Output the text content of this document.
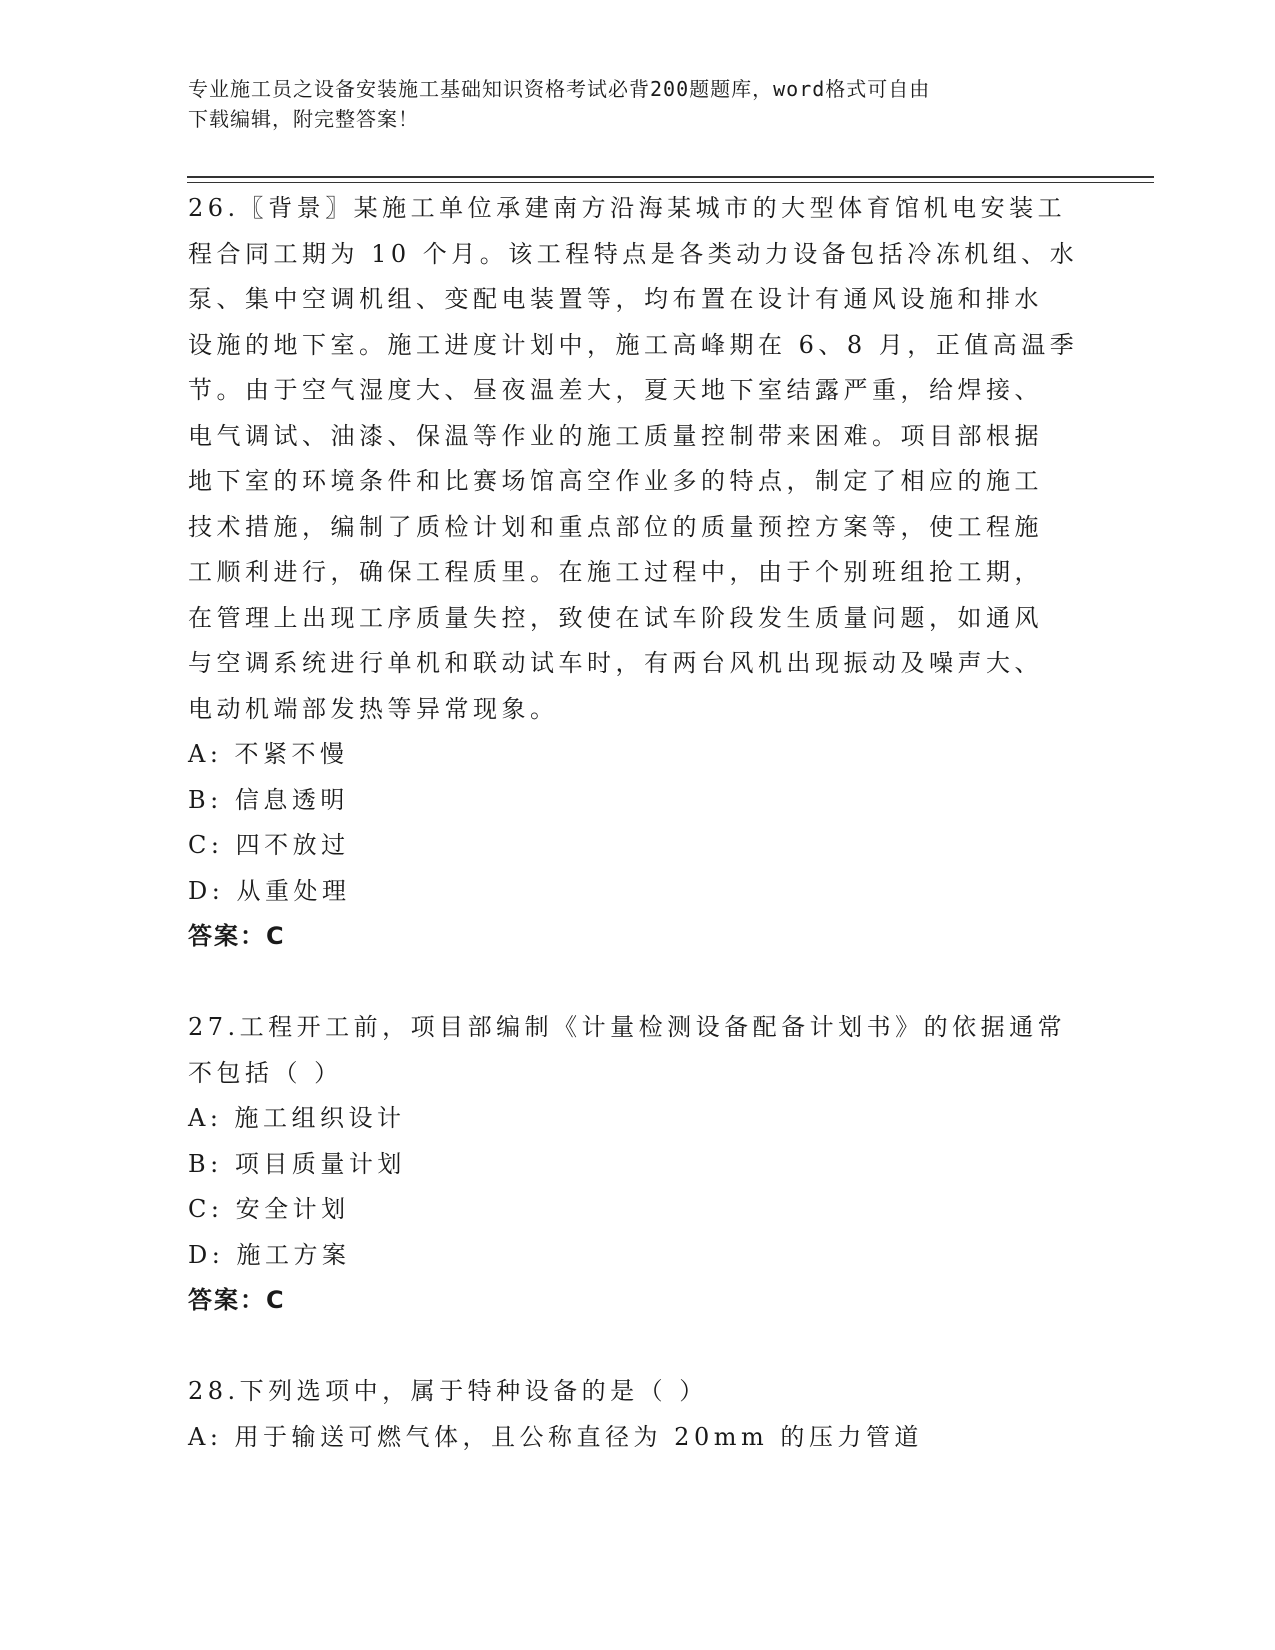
专业施工员之设备安装施工基础知识资格考试必背200题题库，word格式可自由
下载编辑，附完整答案！

26.〖背景〗某施工单位承建南方沿海某城市的大型体育馆机电安装工

程合同工期为 10 个月。该工程特点是各类动力设备包括冷冻机组、水

泵、集中空调机组、变配电装置等，均布置在设计有通风设施和排水

设施的地下室。施工进度计划中，施工高峰期在 6、8 月，正值高温季

节。由于空气湿度大、昼夜温差大，夏天地下室结露严重，给焊接、

电气调试、油漆、保温等作业的施工质量控制带来困难。项目部根据

地下室的环境条件和比赛场馆高空作业多的特点，制定了相应的施工

技术措施，编制了质检计划和重点部位的质量预控方案等，使工程施

工顺利进行，确保工程质里。在施工过程中，由于个别班组抢工期，

在管理上出现工序质量失控，致使在试车阶段发生质量问题，如通风

与空调系统进行单机和联动试车时，有两台风机出现振动及噪声大、

电动机端部发热等异常现象。

A: 不紧不慢

B: 信息透明

C: 四不放过

D: 从重处理

答案：C

27.工程开工前，项目部编制《计量检测设备配备计划书》的依据通常

不包括（ ）

A: 施工组织设计

B: 项目质量计划

C: 安全计划

D: 施工方案

答案：C

28.下列选项中，属于特种设备的是（ ）

A: 用于输送可燃气体，且公称直径为 20mm 的压力管道
